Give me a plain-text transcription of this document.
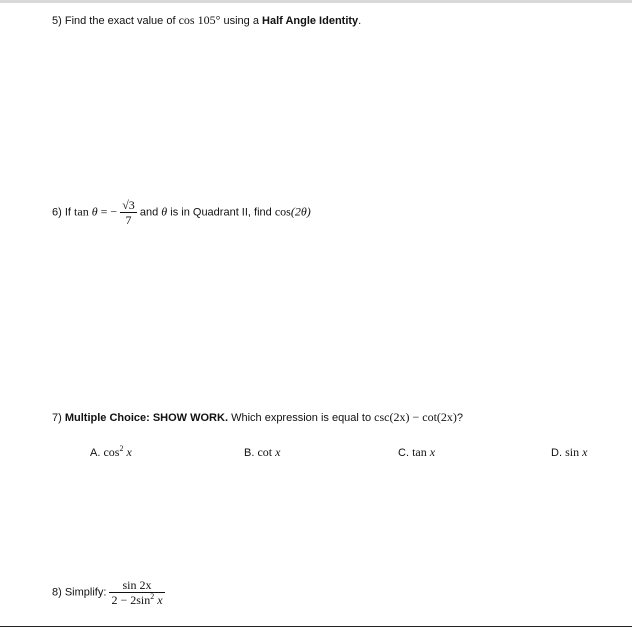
5) Find the exact value of cos 105° using a Half Angle Identity.
6) If tan θ = − $\frac{√3}{7}$ and θ is in Quadrant II, find cos(2θ)
7) Multiple Choice: SHOW WORK. Which expression is equal to csc(2x) − cot(2x)?
A. $\cos^2 x$	B. cot x	C. tan x	D. sin x
8) Simplify: $\frac{\sin 2x}{2 - 2\sin^2 x}$
